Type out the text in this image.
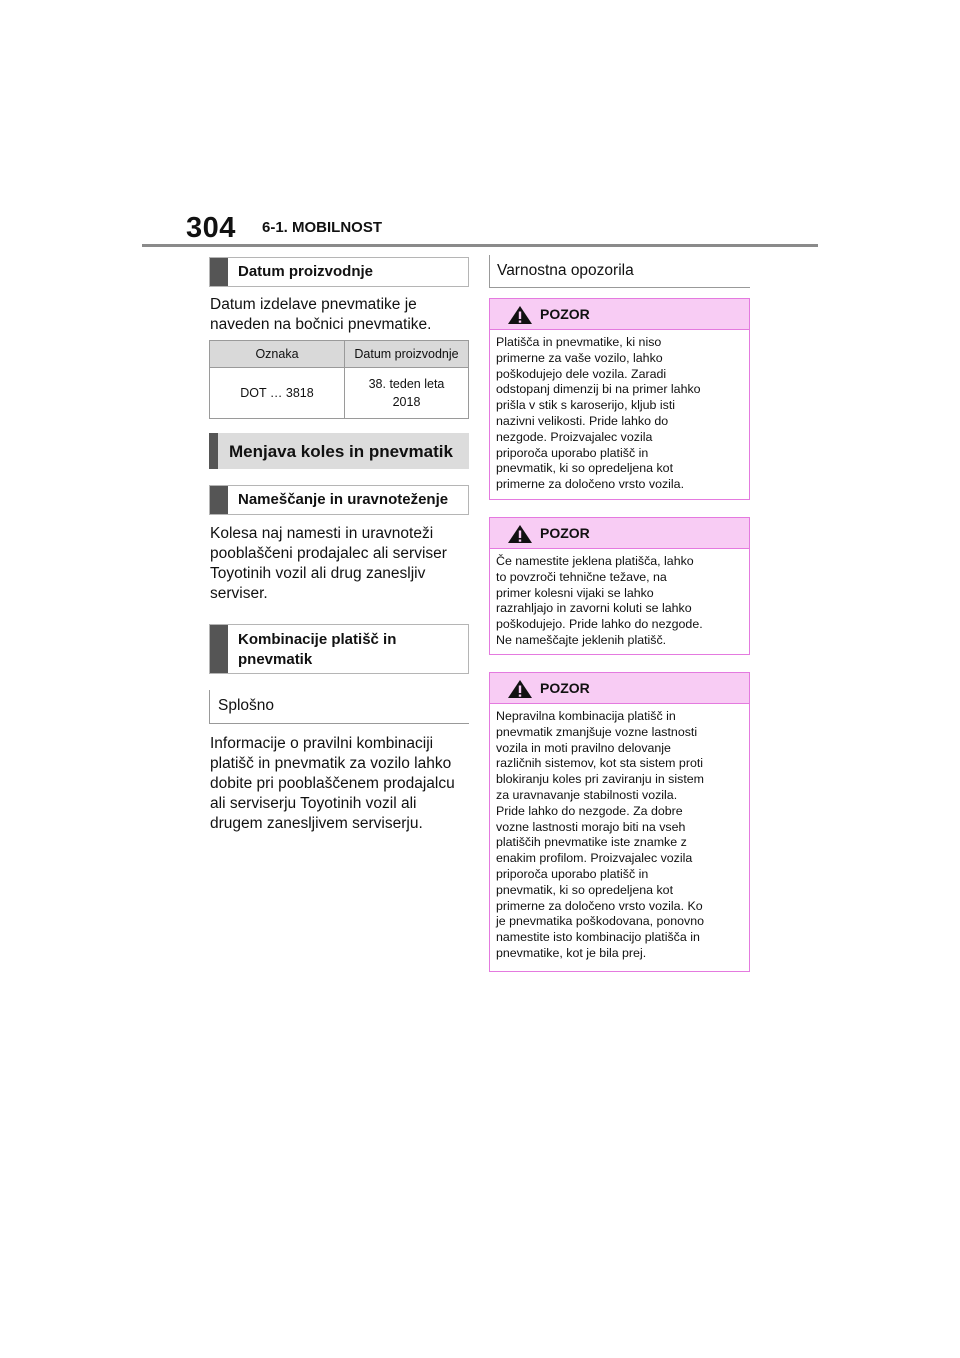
304 6-1. MOBILNOST
Datum proizvodnje
Datum izdelave pnevmatike je
naveden na bočnici pnevmatike.
Oznaka	Datum proizvodnje
DOT … 3818	38. teden leta
2018
Menjava koles in pnevmatik
Nameščanje in uravnoteženje
Kolesa naj namesti in uravnoteži
pooblaščeni prodajalec ali serviser
Toyotinih vozil ali drug zanesljiv
serviser.
Kombinacije platišč in
pnevmatik
Splošno
Informacije o pravilni kombinaciji
platišč in pnevmatik za vozilo lahko
dobite pri pooblaščenem prodajalcu
ali serviserju Toyotinih vozil ali
drugem zanesljivem serviserju.
Varnostna opozorila
POZOR
Platišča in pnevmatike, ki niso
primerne za vaše vozilo, lahko
poškodujejo dele vozila. Zaradi
odstopanj dimenzij bi na primer lahko
prišla v stik s karoserijo, kljub isti
nazivni velikosti. Pride lahko do
nezgode. Proizvajalec vozila
priporoča uporabo platišč in
pnevmatik, ki so opredeljena kot
primerne za določeno vrsto vozila.
POZOR
Če namestite jeklena platišča, lahko
to povzroči tehnične težave, na
primer kolesni vijaki se lahko
razrahljajo in zavorni koluti se lahko
poškodujejo. Pride lahko do nezgode.
Ne nameščajte jeklenih platišč.
POZOR
Nepravilna kombinacija platišč in
pnevmatik zmanjšuje vozne lastnosti
vozila in moti pravilno delovanje
različnih sistemov, kot sta sistem proti
blokiranju koles pri zaviranju in sistem
za uravnavanje stabilnosti vozila.
Pride lahko do nezgode. Za dobre
vozne lastnosti morajo biti na vseh
platiščih pnevmatike iste znamke z
enakim profilom. Proizvajalec vozila
priporoča uporabo platišč in
pnevmatik, ki so opredeljena kot
primerne za določeno vrsto vozila. Ko
je pnevmatika poškodovana, ponovno
namestite isto kombinacijo platišča in
pnevmatike, kot je bila prej.
